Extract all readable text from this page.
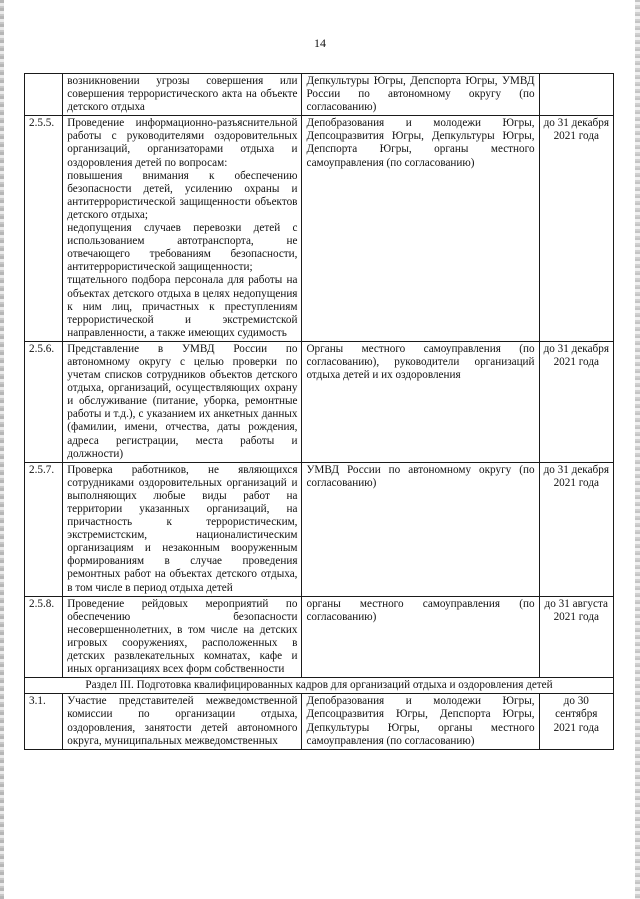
14
	возникновении угрозы совершения или совершения террористического акта на объекте детского отдыха	Депкультуры Югры, Депспорта Югры, УМВД России по автономному округу (по согласованию)	
2.5.5.	Проведение информационно-разъяснительной работы с руководителями оздоровительных организаций, организаторами отдыха и оздоровления детей по вопросам:
повышения внимания к обеспечению безопасности детей, усилению охраны и антитеррористической защищенности объектов детского отдыха;
недопущения случаев перевозки детей с использованием автотранспорта, не отвечающего требованиям безопасности, антитеррористической защищенности;
тщательного подбора персонала для работы на объектах детского отдыха в целях недопущения к ним лиц, причастных к преступлениям террористической и экстремистской направленности, а также имеющих судимость	Депобразования и молодежи Югры, Депсоцразвития Югры, Депкультуры Югры, Депспорта Югры, органы местного самоуправления (по согласованию)	до 31 декабря 2021 года
2.5.6.	Представление в УМВД России по автономному округу с целью проверки по учетам списков сотрудников объектов детского отдыха, организаций, осуществляющих охрану и обслуживание (питание, уборка, ремонтные работы и т.д.), с указанием их анкетных данных (фамилии, имени, отчества, даты рождения, адреса регистрации, места работы и должности)	Органы местного самоуправления (по согласованию), руководители организаций отдыха детей и их оздоровления	до 31 декабря 2021 года
2.5.7.	Проверка работников, не являющихся сотрудниками оздоровительных организаций и выполняющих любые виды работ на территории указанных организаций, на причастность к террористическим, экстремистским, националистическим организациям и незаконным вооруженным формированиям в случае проведения ремонтных работ на объектах детского отдыха, в том числе в период отдыха детей	УМВД России по автономному округу (по согласованию)	до 31 декабря 2021 года
2.5.8.	Проведение рейдовых мероприятий по обеспечению безопасности несовершеннолетних, в том числе на детских игровых сооружениях, расположенных в детских развлекательных комнатах, кафе и иных организациях всех форм собственности	органы местного самоуправления (по согласованию)	до 31 августа 2021 года
Раздел III. Подготовка квалифицированных кадров для организаций отдыха и оздоровления детей			
3.1.	Участие представителей межведомственной комиссии по организации отдыха, оздоровления, занятости детей автономного округа, муниципальных межведомственных	Депобразования и молодежи Югры, Депсоцразвития Югры, Депспорта Югры, Депкультуры Югры, органы местного самоуправления (по согласованию)	до 30 сентября 2021 года
